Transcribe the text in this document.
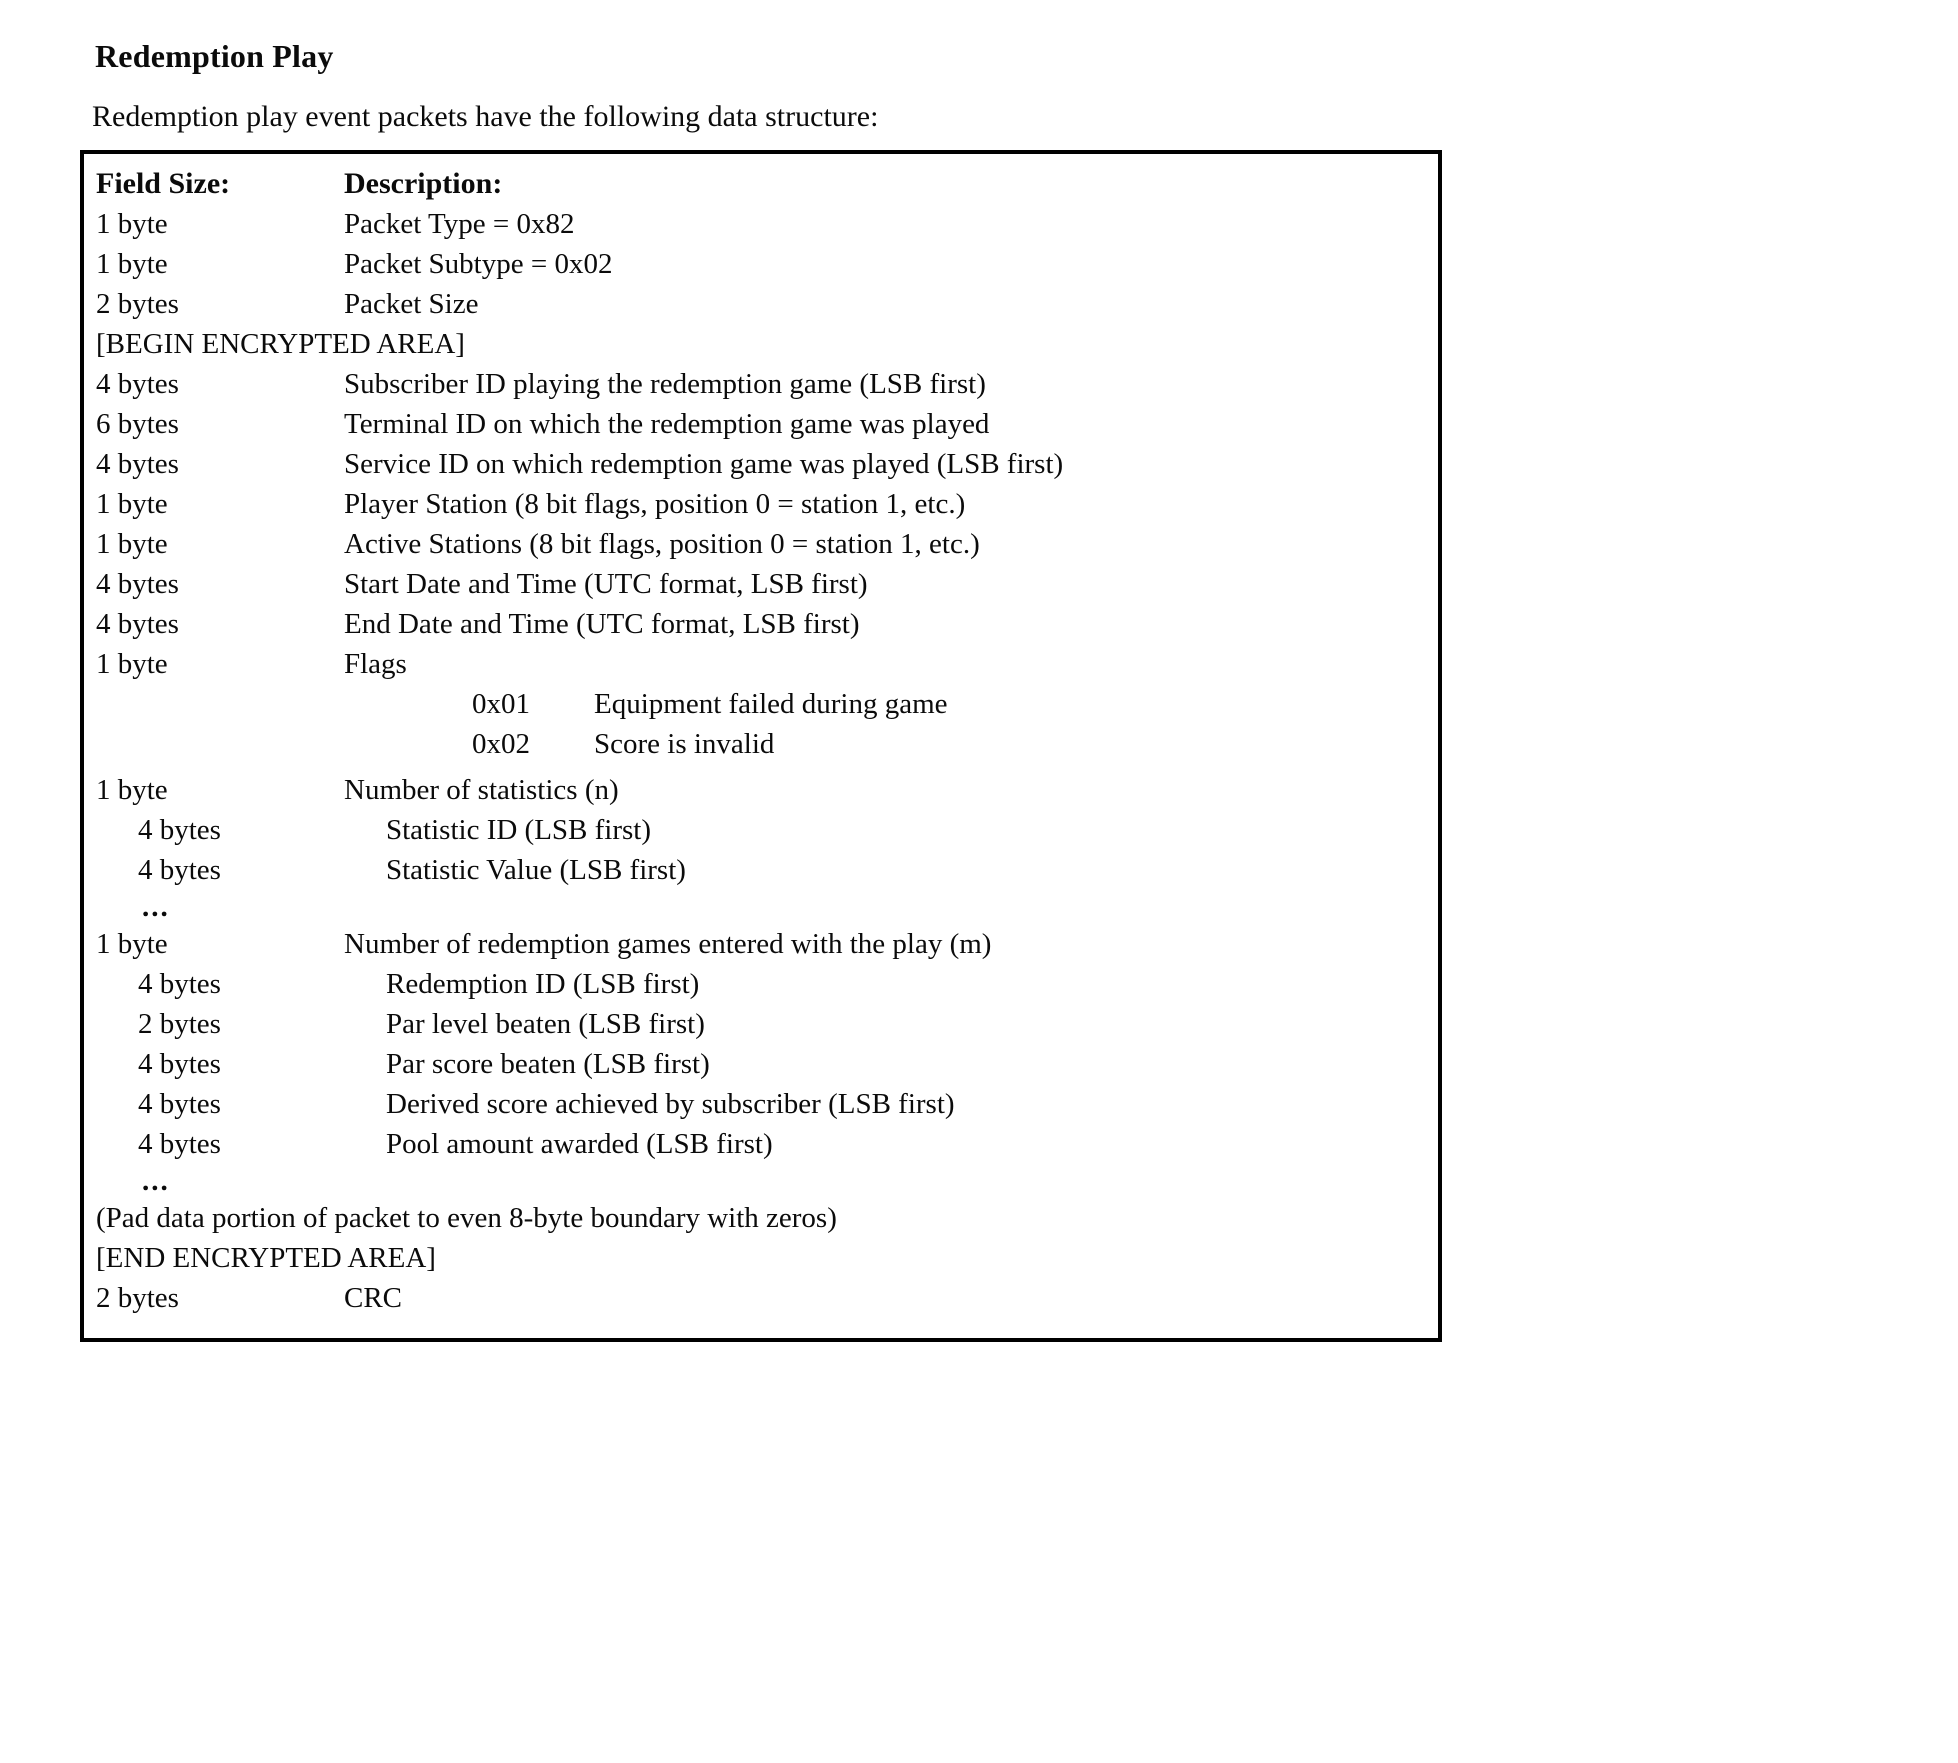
Redemption Play
Redemption play event packets have the following data structure:
Field Size:	Description:
1 byte	Packet Type = 0x82
1 byte	Packet Subtype = 0x02
2 bytes	Packet Size
[BEGIN ENCRYPTED AREA]
4 bytes	Subscriber ID playing the redemption game (LSB first)
6 bytes	Terminal ID on which the redemption game was played
4 bytes	Service ID on which redemption game was played (LSB first)
1 byte	Player Station (8 bit flags, position 0 = station 1, etc.)
1 byte	Active Stations (8 bit flags, position 0 = station 1, etc.)
4 bytes	Start Date and Time (UTC format, LSB first)
4 bytes	End Date and Time (UTC format, LSB first)
1 byte	Flags
0x01	Equipment failed during game
0x02	Score is invalid
1 byte	Number of statistics (n)
4 bytes	Statistic ID (LSB first)
4 bytes	Statistic Value (LSB first)
...
1 byte	Number of redemption games entered with the play (m)
4 bytes	Redemption ID (LSB first)
2 bytes	Par level beaten (LSB first)
4 bytes	Par score beaten (LSB first)
4 bytes	Derived score achieved by subscriber (LSB first)
4 bytes	Pool amount awarded (LSB first)
...
(Pad data portion of packet to even 8-byte boundary with zeros)
[END ENCRYPTED AREA]
2 bytes	CRC
